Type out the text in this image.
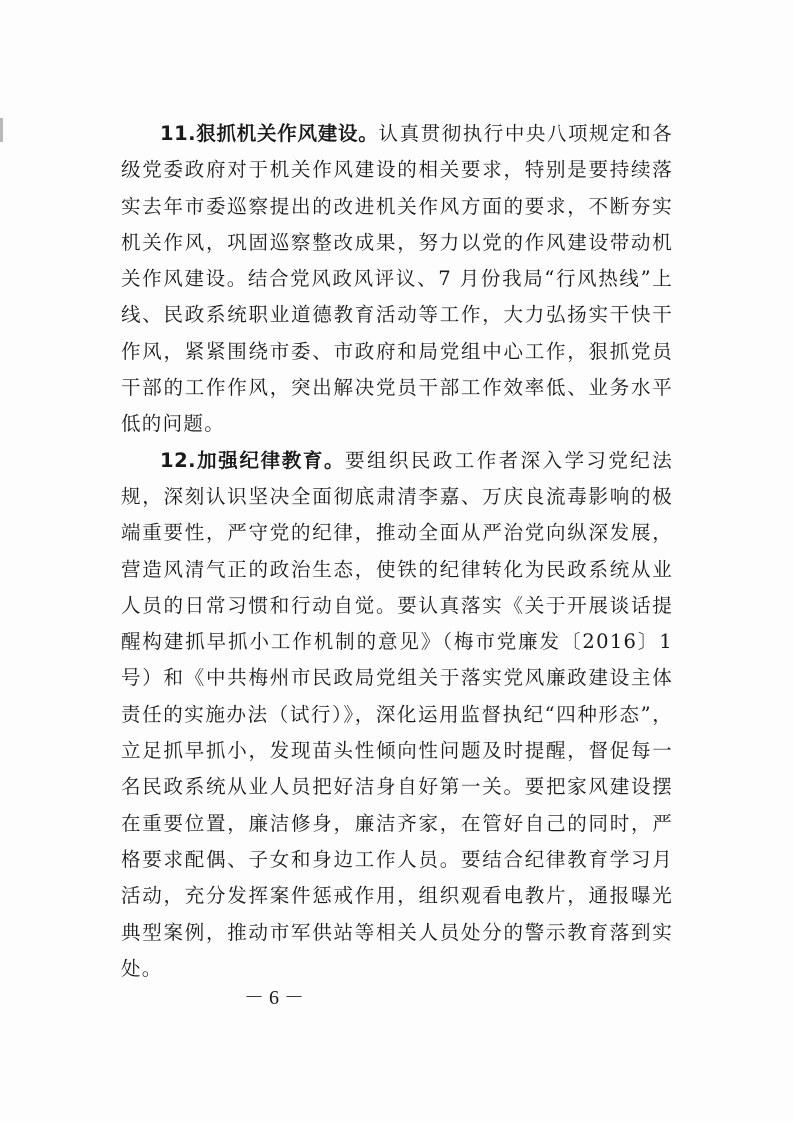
11.狠抓机关作风建设。认真贯彻执行中央八项规定和各级党委政府对于机关作风建设的相关要求，特别是要持续落实去年市委巡察提出的改进机关作风方面的要求，不断夯实机关作风，巩固巡察整改成果，努力以党的作风建设带动机关作风建设。结合党风政风评议、7 月份我局“行风热线”上线、民政系统职业道德教育活动等工作，大力弘扬实干快干作风，紧紧围绕市委、市政府和局党组中心工作，狠抓党员干部的工作作风，突出解决党员干部工作效率低、业务水平低的问题。

12.加强纪律教育。要组织民政工作者深入学习党纪法规，深刻认识坚决全面彻底肃清李嘉、万庆良流毒影响的极端重要性，严守党的纪律，推动全面从严治党向纵深发展，营造风清气正的政治生态，使铁的纪律转化为民政系统从业人员的日常习惯和行动自觉。要认真落实《关于开展谈话提醒构建抓早抓小工作机制的意见》（梅市党廉发〔2016〕1 号）和《中共梅州市民政局党组关于落实党风廉政建设主体责任的实施办法（试行）》，深化运用监督执纪“四种形态”，立足抓早抓小，发现苗头性倾向性问题及时提醒，督促每一名民政系统从业人员把好洁身自好第一关。要把家风建设摆在重要位置，廉洁修身，廉洁齐家，在管好自己的同时，严格要求配偶、子女和身边工作人员。要结合纪律教育学习月活动，充分发挥案件惩戒作用，组织观看电教片，通报曝光典型案例，推动市军供站等相关人员处分的警示教育落到实处。

－ 6 －
